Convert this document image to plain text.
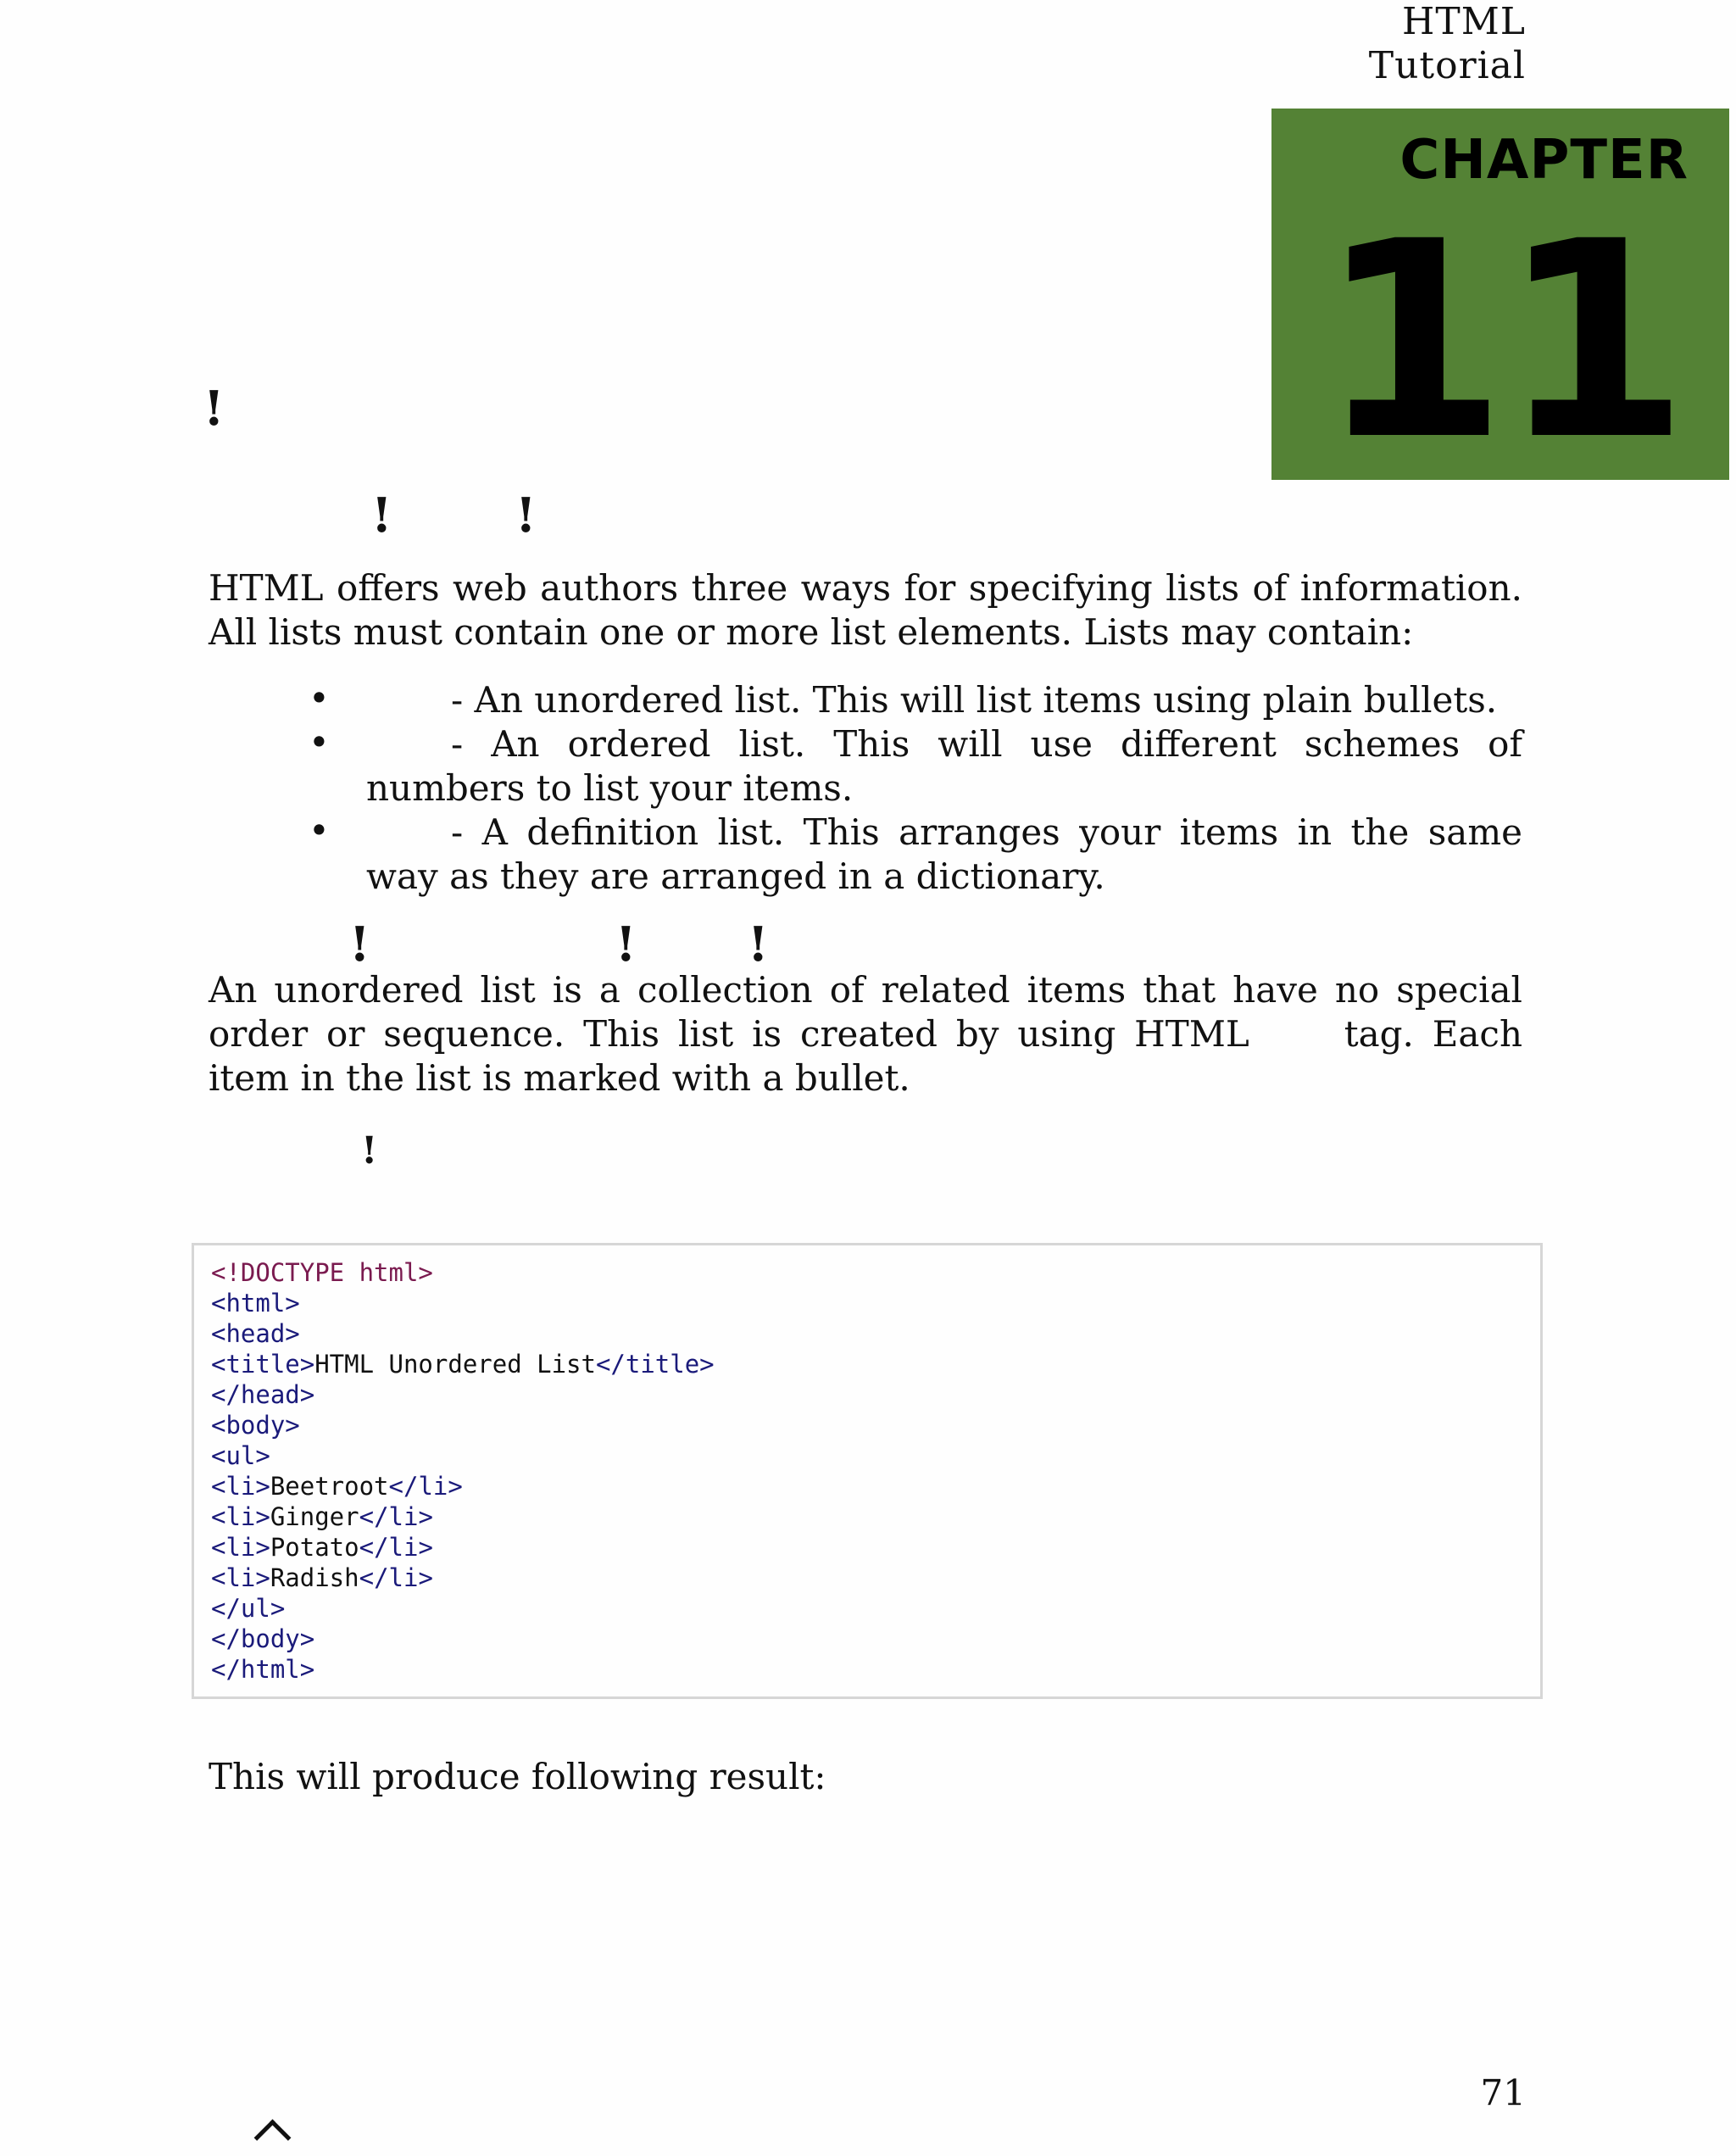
HTML Tutorial
CHAPTER
11
!
!	!

HTML offers web authors three ways for specifying lists of information. All lists must contain one or more list elements. Lists may contain:

•	- An unordered list. This will list items using plain bullets.
•	- An ordered list. This will use different schemes of numbers to list your items.
•	- A definition list. This arranges your items in the same way as they are arranged in a dictionary.
!	! !

An unordered list is a collection of related items that have no special order or sequence. This list is created by using HTML	tag. Each item in the list is marked with a bullet.

!
<!DOCTYPE html>
<html>
<head>
<title>HTML Unordered List</title>
</head>
<body>
<ul>
<li>Beetroot</li>
<li>Ginger</li>
<li>Potato</li>
<li>Radish</li>
</ul>
</body>
</html>

This will produce following result:

71
